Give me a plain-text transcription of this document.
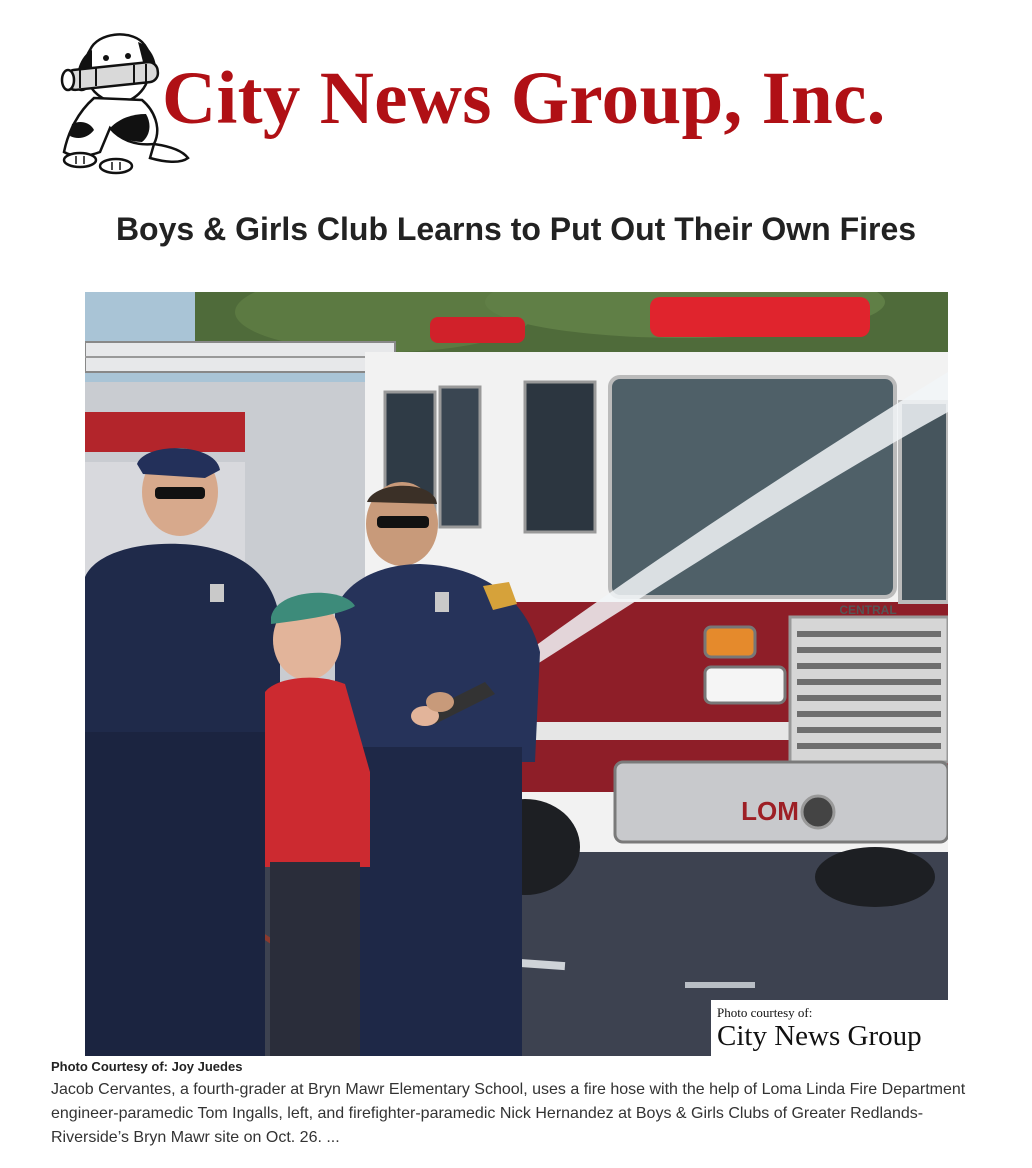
City News Group, Inc.
Boys & Girls Club Learns to Put Out Their Own Fires
CENTRAL
LOM
Photo courtesy of:
City News Group
Photo Courtesy of: Joy Juedes

Jacob Cervantes, a fourth-grader at Bryn Mawr Elementary School, uses a fire hose with the help of Loma Linda Fire Department engineer-paramedic Tom Ingalls, left, and firefighter-paramedic Nick Hernandez at Boys & Girls Clubs of Greater Redlands-Riverside’s Bryn Mawr site on Oct. 26. ...
